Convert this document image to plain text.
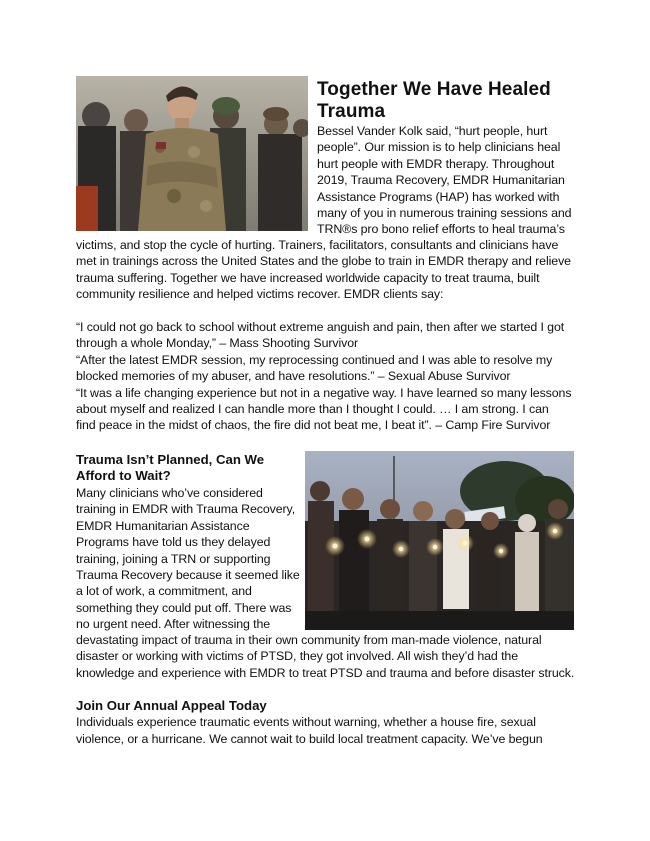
Together We Have Healed
Trauma

Bessel Vander Kolk said, “hurt people, hurt

people”. Our mission is to help clinicians heal

hurt people with EMDR therapy. Throughout

2019, Trauma Recovery, EMDR Humanitarian

Assistance Programs (HAP) has worked with

many of you in numerous training sessions and

TRN®s pro bono relief efforts to heal trauma’s

victims, and stop the cycle of hurting. Trainers, facilitators, consultants and clinicians have

met in trainings across the United States and the globe to train in EMDR therapy and relieve

trauma suffering. Together we have increased worldwide capacity to treat trauma, built

community resilience and helped victims recover. EMDR clients say:

“I could not go back to school without extreme anguish and pain, then after we started I got

through a whole Monday,” – Mass Shooting Survivor

“After the latest EMDR session, my reprocessing continued and I was able to resolve my

blocked memories of my abuser, and have resolutions.” – Sexual Abuse Survivor

“It was a life changing experience but not in a negative way. I have learned so many lessons

about myself and realized I can handle more than I thought I could. … I am strong. I can

find peace in the midst of chaos, the fire did not beat me, I beat it”. – Camp Fire Survivor

Trauma Isn’t Planned, Can We
Afford to Wait?

Many clinicians who’ve considered

training in EMDR with Trauma Recovery,

EMDR Humanitarian Assistance

Programs have told us they delayed

training, joining a TRN or supporting

Trauma Recovery because it seemed like

a lot of work, a commitment, and

something they could put off. There was

no urgent need. After witnessing the

devastating impact of trauma in their own community from man-made violence, natural

disaster or working with victims of PTSD, they got involved. All wish they’d had the

knowledge and experience with EMDR to treat PTSD and trauma and before disaster struck.

Join Our Annual Appeal Today

Individuals experience traumatic events without warning, whether a house fire, sexual

violence, or a hurricane. We cannot wait to build local treatment capacity. We’ve begun
